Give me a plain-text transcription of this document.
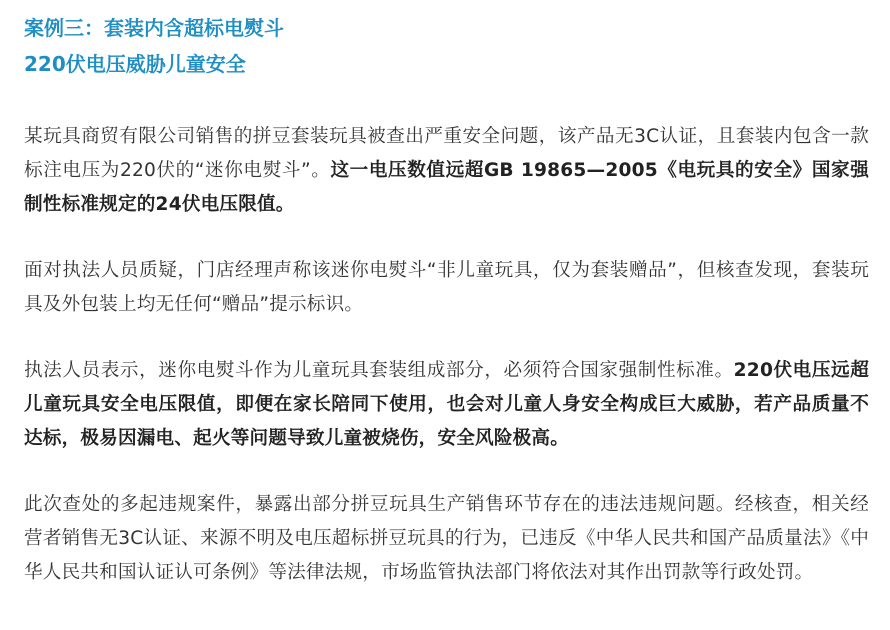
案例三：套装内含超标电熨斗
220伏电压威胁儿童安全

某玩具商贸有限公司销售的拼豆套装玩具被查出严重安全问题，该产品无3C认证，且套装内包含一款标注电压为220伏的“迷你电熨斗”。这一电压数值远超GB 19865—2005《电玩具的安全》国家强制性标准规定的24伏电压限值。

面对执法人员质疑，门店经理声称该迷你电熨斗“非儿童玩具，仅为套装赠品”，但核查发现，套装玩具及外包装上均无任何“赠品”提示标识。

执法人员表示，迷你电熨斗作为儿童玩具套装组成部分，必须符合国家强制性标准。220伏电压远超儿童玩具安全电压限值，即便在家长陪同下使用，也会对儿童人身安全构成巨大威胁，若产品质量不达标，极易因漏电、起火等问题导致儿童被烧伤，安全风险极高。

此次查处的多起违规案件，暴露出部分拼豆玩具生产销售环节存在的违法违规问题。经核查，相关经营者销售无3C认证、来源不明及电压超标拼豆玩具的行为，已违反《中华人民共和国产品质量法》《中华人民共和国认证认可条例》等法律法规，市场监管执法部门将依法对其作出罚款等行政处罚。
